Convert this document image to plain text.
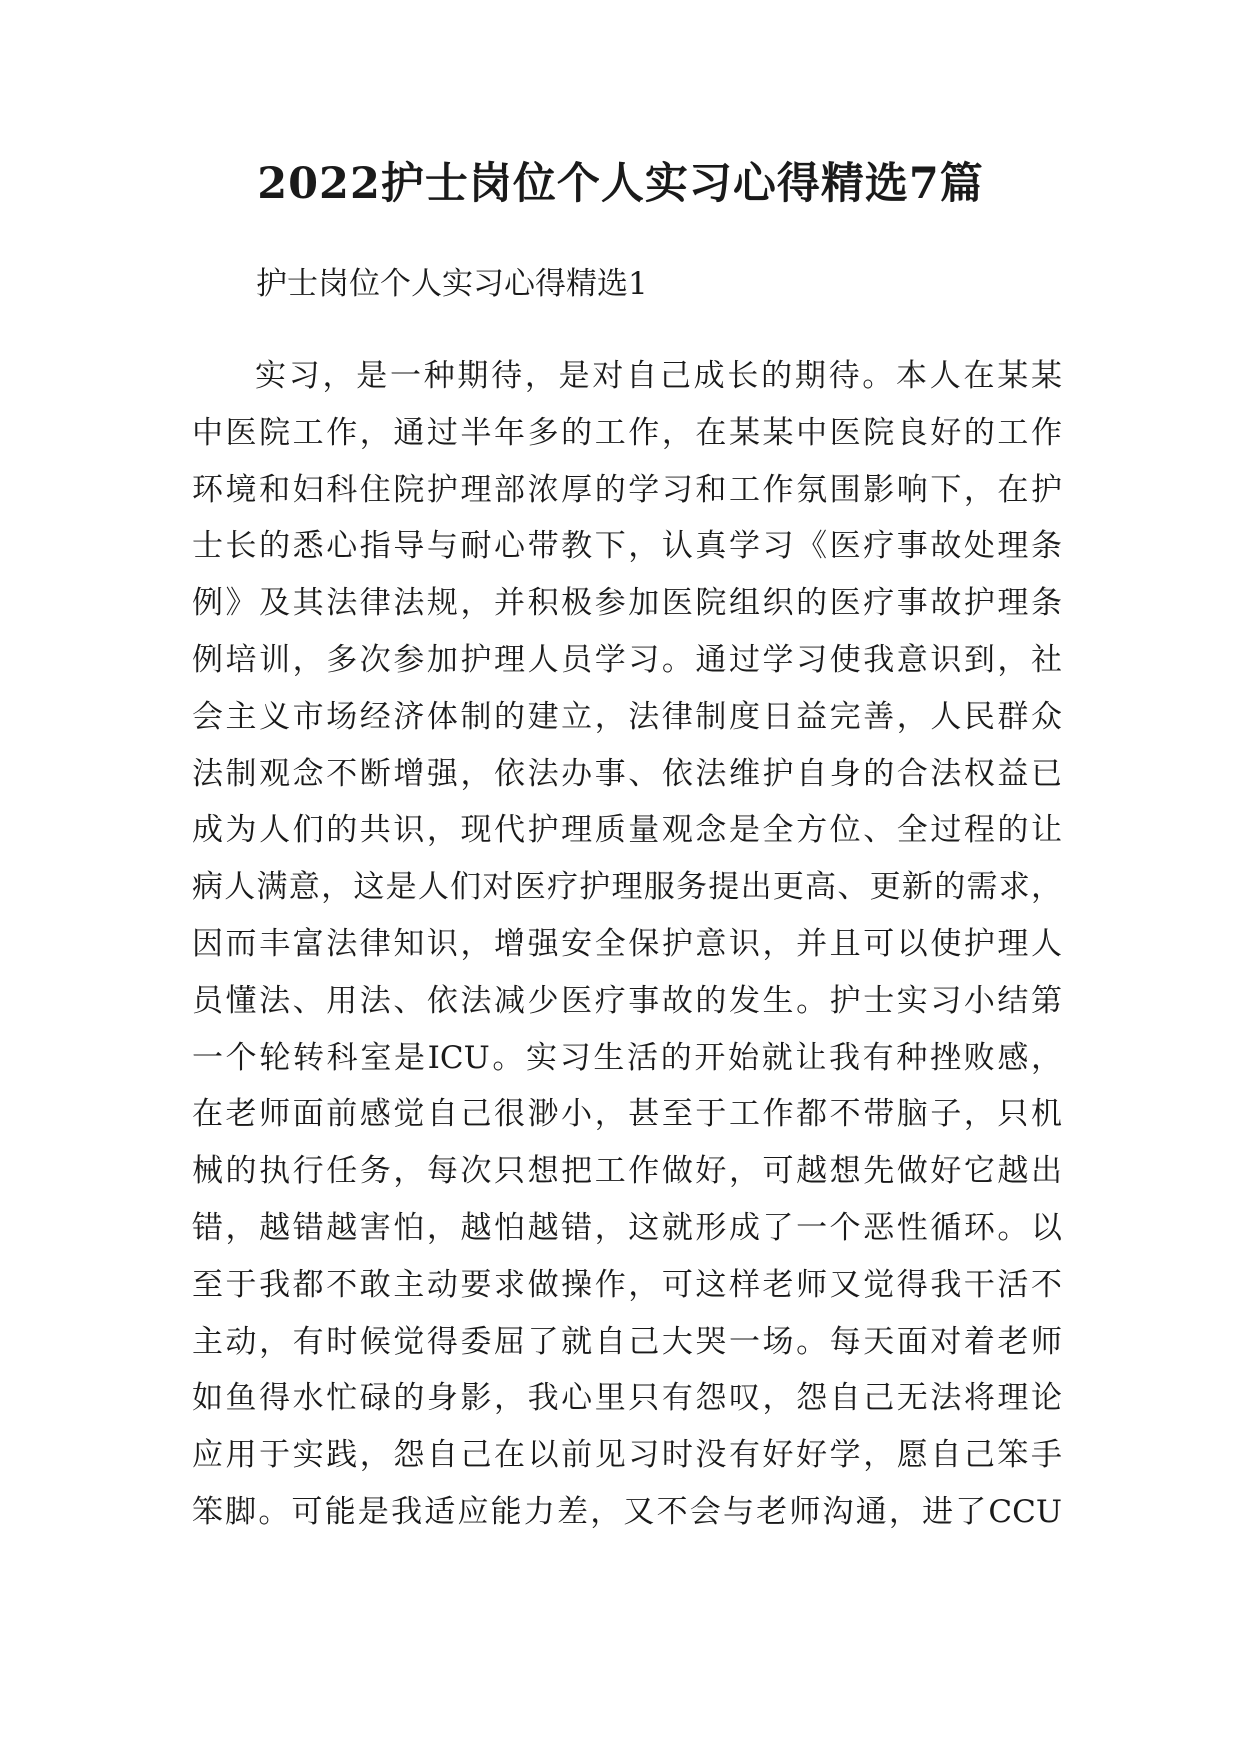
2022护士岗位个人实习心得精选7篇
护士岗位个人实习心得精选1
实习，是一种期待，是对自己成长的期待。本人在某某
中医院工作，通过半年多的工作，在某某中医院良好的工作
环境和妇科住院护理部浓厚的学习和工作氛围影响下，在护
士长的悉心指导与耐心带教下，认真学习《医疗事故处理条
例》及其法律法规，并积极参加医院组织的医疗事故护理条
例培训，多次参加护理人员学习。通过学习使我意识到，社
会主义市场经济体制的建立，法律制度日益完善，人民群众
法制观念不断增强，依法办事、依法维护自身的合法权益已
成为人们的共识，现代护理质量观念是全方位、全过程的让
病人满意，这是人们对医疗护理服务提出更高、更新的需求，
因而丰富法律知识，增强安全保护意识，并且可以使护理人
员懂法、用法、依法减少医疗事故的发生。护士实习小结第
一个轮转科室是ICU。实习生活的开始就让我有种挫败感，
在老师面前感觉自己很渺小，甚至于工作都不带脑子，只机
械的执行任务，每次只想把工作做好，可越想先做好它越出
错，越错越害怕，越怕越错，这就形成了一个恶性循环。以
至于我都不敢主动要求做操作，可这样老师又觉得我干活不
主动，有时候觉得委屈了就自己大哭一场。每天面对着老师
如鱼得水忙碌的身影，我心里只有怨叹，怨自己无法将理论
应用于实践，怨自己在以前见习时没有好好学，愿自己笨手
笨脚。可能是我适应能力差，又不会与老师沟通，进了CCU
